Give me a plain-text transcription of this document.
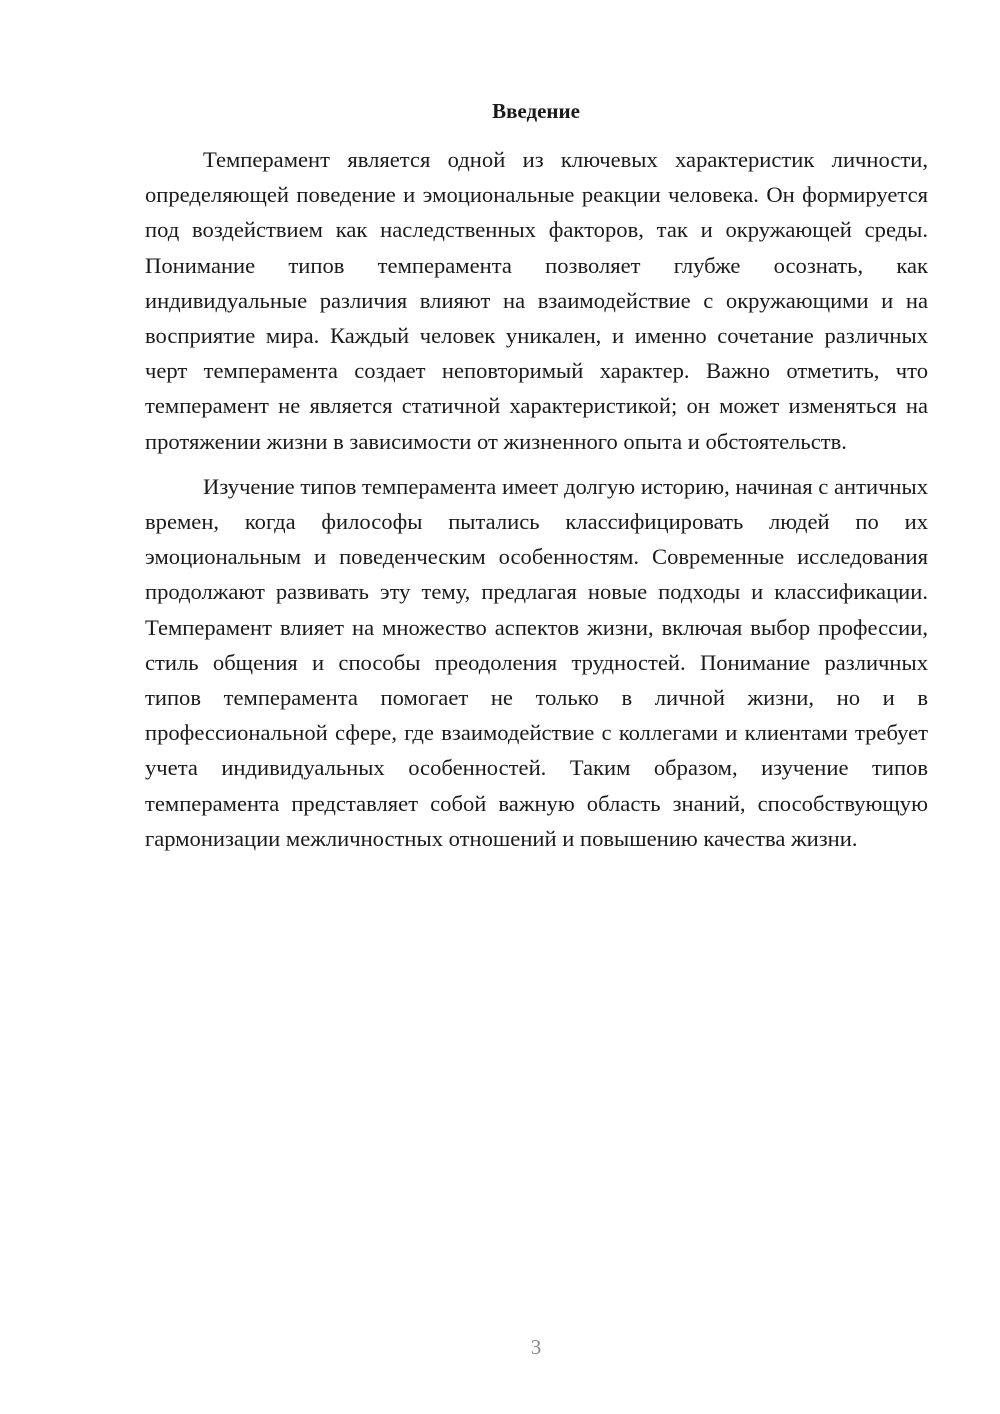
Введение

Темперамент является одной из ключевых характеристик личности, определяющей поведение и эмоциональные реакции человека. Он формируется под воздействием как наследственных факторов, так и окружающей среды. Понимание типов темперамента позволяет глубже осознать, как индивидуальные различия влияют на взаимодействие с окружающими и на восприятие мира. Каждый человек уникален, и именно сочетание различных черт темперамента создает неповторимый характер. Важно отметить, что темперамент не является статичной характеристикой; он может изменяться на протяжении жизни в зависимости от жизненного опыта и обстоятельств.

Изучение типов темперамента имеет долгую историю, начиная с античных времен, когда философы пытались классифицировать людей по их эмоциональным и поведенческим особенностям. Современные исследования продолжают развивать эту тему, предлагая новые подходы и классификации. Темперамент влияет на множество аспектов жизни, включая выбор профессии, стиль общения и способы преодоления трудностей. Понимание различных типов темперамента помогает не только в личной жизни, но и в профессиональной сфере, где взаимодействие с коллегами и клиентами требует учета индивидуальных особенностей. Таким образом, изучение типов темперамента представляет собой важную область знаний, способствующую гармонизации межличностных отношений и повышению качества жизни.

3
